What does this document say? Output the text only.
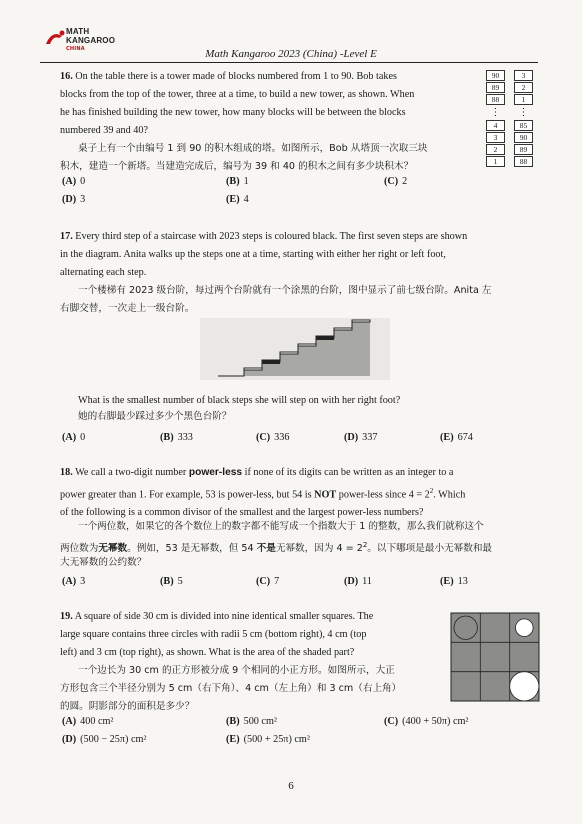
MATH
KANGAROO
CHINA	Math Kangaroo 2023 (China) -Level E
16. On the table there is a tower made of blocks numbered from 1 to 90. Bob takes
blocks from the top of the tower, three at a time, to build a new tower, as shown. When
he has finished building the new tower, how many blocks will be between the blocks
numbered 39 and 40?
桌子上有一个由编号 1 到 90 的积木组成的塔。如图所示，Bob 从塔顶一次取三块
积木，建造一个新塔。当建造完成后，编号为 39 和 40 的积木之间有多少块积木？
90
89
88
⋮
4
3
2
1
3
2
1
⋮
85
90
89
88
(A) 0	(B) 1	(C) 2
(D) 3	(E) 4
17. Every third step of a staircase with 2023 steps is coloured black. The first seven steps are shown
in the diagram. Anita walks up the steps one at a time, starting with either her right or left foot,
alternating each step.
一个楼梯有 2023 级台阶，每过两个台阶就有一个涂黑的台阶，图中显示了前七级台阶。Anita 左
右脚交替，一次走上一级台阶。
What is the smallest number of black steps she will step on with her right foot?
她的右脚最少踩过多少个黑色台阶？
(A) 0	(B) 333	(C) 336	(D) 337	(E) 674
18. We call a two-digit number power-less if none of its digits can be written as an integer to a
power greater than 1. For example, 53 is power-less, but 54 is NOT power-less since $4 = 2^2$. Which
of the following is a common divisor of the smallest and the largest power-less numbers?
一个两位数，如果它的各个数位上的数字都不能写成一个指数大于 1 的整数，那么我们就称这个
两位数为无幂数。例如，53 是无幂数，但 54 不是无幂数，因为 $4 = 2^2$。以下哪项是最小无幂数和最
大无幂数的公约数？
(A) 3	(B) 5	(C) 7	(D) 11	(E) 13
19. A square of side 30 cm is divided into nine identical smaller squares. The
large square contains three circles with radii 5 cm (bottom right), 4 cm (top
left) and 3 cm (top right), as shown. What is the area of the shaded part?
一个边长为 30 cm 的正方形被分成 9 个相同的小正方形。如图所示，大正
方形包含三个半径分别为 5 cm（右下角）、4 cm（左上角）和 3 cm（右上角）
的圆。阴影部分的面积是多少？
(A) 400 cm²	(B) 500 cm²	(C) (400 + 50π) cm²
(D) (500 − 25π) cm²	(E) (500 + 25π) cm²
6
